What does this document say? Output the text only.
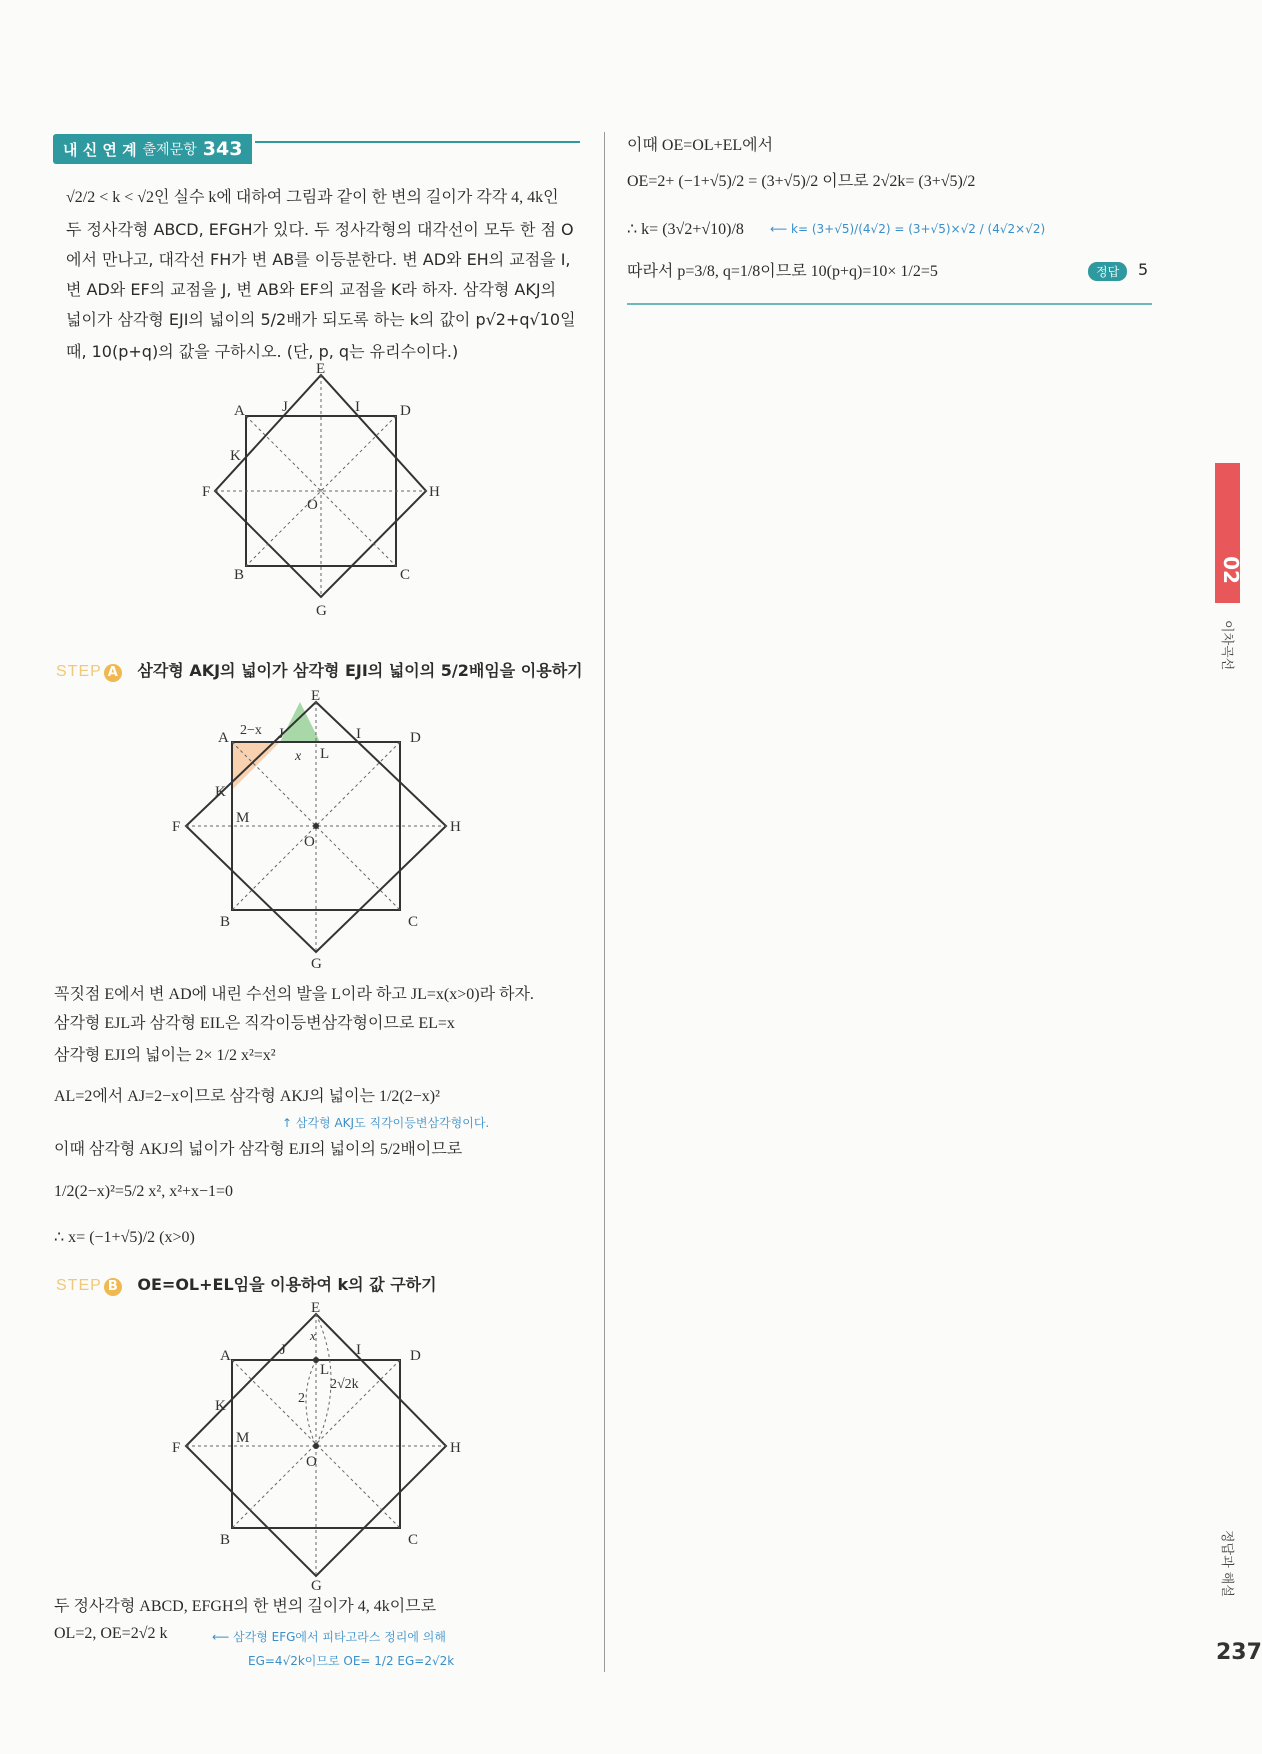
내 신 연 계 출제문항 343
√2/2 < k < √2인 실수 k에 대하여 그림과 같이 한 변의 길이가 각각 4, 4k인
두 정사각형 ABCD, EFGH가 있다. 두 정사각형의 대각선이 모두 한 점 O
에서 만나고, 대각선 FH가 변 AB를 이등분한다. 변 AD와 EH의 교점을 I,
변 AD와 EF의 교점을 J, 변 AB와 EF의 교점을 K라 하자. 삼각형 AKJ의
넓이가 삼각형 EJI의 넓이의 5/2배가 되도록 하는 k의 값이 p√2+q√10일
때, 10(p+q)의 값을 구하시오. (단, p, q는 유리수이다.)
E
A J	I	D
K
F	H
O
B	C
G
STEP A 삼각형 AKJ의 넓이가 삼각형 EJI의 넓이의 5/2배임을 이용하기
E
A 2−x J
x L
I	D
K
M
F	H
O
B	C
G
꼭짓점 E에서 변 AD에 내린 수선의 발을 L이라 하고 JL=x(x>0)라 하자.
삼각형 EJL과 삼각형 EIL은 직각이등변삼각형이므로 EL=x
삼각형 EJI의 넓이는 2× 1/2 x²=x²
AL=2에서 AJ=2−x이므로 삼각형 AKJ의 넓이는 1/2(2−x)²
↑ 삼각형 AKJ도 직각이등변삼각형이다.
이때 삼각형 AKJ의 넓이가 삼각형 EJI의 넓이의 5/2배이므로
1/2(2−x)²=5/2 x², x²+x−1=0
∴ x= (−1+√5)/2 (x>0)
STEP B OE=OL+EL임을 이용하여 k의 값 구하기
E
A	J
x
I	D
L
2√2k
2
K
M
F	H
O
B	C
G
두 정사각형 ABCD, EFGH의 한 변의 길이가 4, 4k이므로
OL=2, OE=2√2 k	⟵ 삼각형 EFG에서 피타고라스 정리에 의해
EG=4√2k이므로 OE= 1/2 EG=2√2k
이때 OE=OL+EL에서
OE=2+ (−1+√5)/2 = (3+√5)/2 이므로 2√2k= (3+√5)/2
∴ k= (3√2+√10)/8 ⟵ k= (3+√5)/(4√2) = (3+√5)×√2 / (4√2×√2)
따라서 p=3/8, q=1/8이므로 10(p+q)=10× 1/2=5	정답	5
02
이차곡선
정답과 해설
237
